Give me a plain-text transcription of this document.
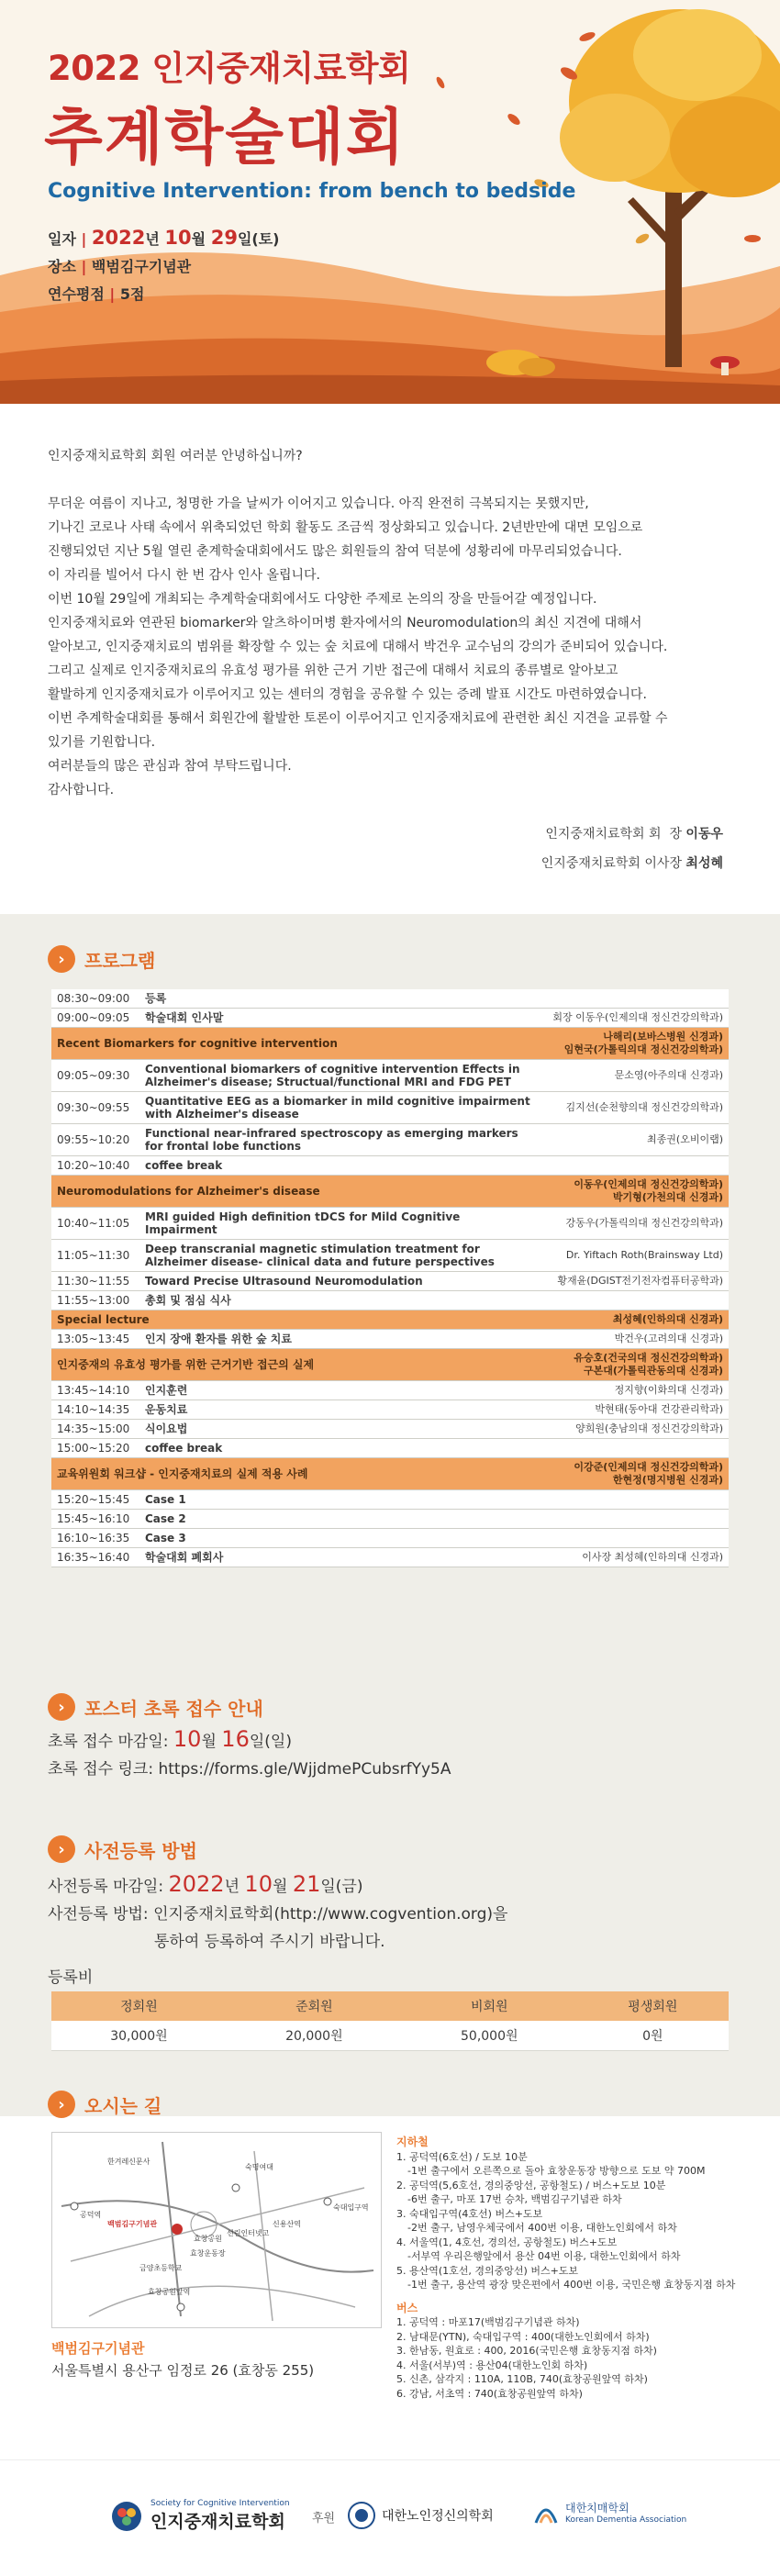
2022 인지중재치료학회
추계학술대회
Cognitive Intervention: from bench to bedside
일자 | 2022년 10월 29일(토)
장소 | 백범김구기념관
연수평점 | 5점

인지중재치료학회 회원 여러분 안녕하십니까?

무더운 여름이 지나고, 청명한 가을 날씨가 이어지고 있습니다. 아직 완전히 극복되지는 못했지만,
기나긴 코로나 사태 속에서 위축되었던 학회 활동도 조금씩 정상화되고 있습니다. 2년반만에 대면 모임으로
진행되었던 지난 5월 열린 춘계학술대회에서도 많은 회원들의 참여 덕분에 성황리에 마무리되었습니다.
이 자리를 빌어서 다시 한 번 감사 인사 올립니다.
이번 10월 29일에 개최되는 추계학술대회에서도 다양한 주제로 논의의 장을 만들어갈 예정입니다.
인지중재치료와 연관된 biomarker와 알츠하이머병 환자에서의 Neuromodulation의 최신 지견에 대해서
알아보고, 인지중재치료의 범위를 확장할 수 있는 숲 치료에 대해서 박건우 교수님의 강의가 준비되어 있습니다.
그리고 실제로 인지중재치료의 유효성 평가를 위한 근거 기반 접근에 대해서 치료의 종류별로 알아보고
활발하게 인지중재치료가 이루어지고 있는 센터의 경험을 공유할 수 있는 증례 발표 시간도 마련하였습니다.
이번 추계학술대회를 통해서 회원간에 활발한 토론이 이루어지고 인지중재치료에 관련한 최신 지견을 교류할 수
있기를 기원합니다.
여러분들의 많은 관심과 참여 부탁드립니다.
감사합니다.

인지중재치료학회 회 장 이동우
인지중재치료학회 이사장 최성혜
›	프로그램
08:30~09:00	등록	
09:00~09:05	학술대회 인사말	회장 이동우(인제의대 정신건강의학과)
Recent Biomarkers for cognitive intervention		나해리(보바스병원 신경과)
임현국(가톨릭의대 정신건강의학과)
09:05~09:30	Conventional biomarkers of cognitive intervention Effects in Alzheimer's disease; Structual/functional MRI and FDG PET	문소영(아주의대 신경과)
09:30~09:55	Quantitative EEG as a biomarker in mild cognitive impairment with Alzheimer's disease	김지선(순천향의대 정신건강의학과)
09:55~10:20	Functional near-infrared spectroscopy as emerging markers for frontal lobe functions	최종권(오비이랩)
10:20~10:40	coffee break	
Neuromodulations for Alzheimer's disease		이동우(인제의대 정신건강의학과)
박기형(가천의대 신경과)
10:40~11:05	MRI guided High definition tDCS for Mild Cognitive Impairment	강동우(가톨릭의대 정신건강의학과)
11:05~11:30	Deep transcranial magnetic stimulation treatment for Alzheimer disease- clinical data and future perspectives	Dr. Yiftach Roth(Brainsway Ltd)
11:30~11:55	Toward Precise Ultrasound Neuromodulation	황재윤(DGIST전기전자컴퓨터공학과)
11:55~13:00	총회 및 점심 식사	
Special lecture		최성혜(인하의대 신경과)
13:05~13:45	인지 장애 환자를 위한 숲 치료	박건우(고려의대 신경과)
인지중재의 유효성 평가를 위한 근거기반 접근의 실제		유승호(건국의대 정신건강의학과)
구본대(가톨릭관동의대 신경과)
13:45~14:10	인지훈련	정지향(이화의대 신경과)
14:10~14:35	운동치료	박현태(동아대 건강관리학과)
14:35~15:00	식이요법	양희원(충남의대 정신건강의학과)
15:00~15:20	coffee break	
교육위원회 워크샵 - 인지중재치료의 실제 적용 사례		이강준(인제의대 정신건강의학과)
한현정(명지병원 신경과)
15:20~15:45	Case 1	
15:45~16:10	Case 2	
16:10~16:35	Case 3	
16:35~16:40	학술대회 폐회사	이사장 최성혜(인하의대 신경과)
›	포스터 초록 접수 안내
초록 접수 마감일: 10월 16일(일)
초록 접수 링크: https://forms.gle/WjjdmePCubsrfYy5A
›	사전등록 방법
사전등록 마감일: 2022년 10월 21일(금)
사전등록 방법: 인지중재치료학회(http://www.cogvention.org)을
통하여 등록하여 주시기 바랍니다.
등록비
정회원	준회원	비회원	평생회원
30,000원	20,000원	50,000원	0원
›	오시는 길
한겨레신문사
숙명여대
공덕역
백범김구기념관
효창공원
선린인터넷고
효창운동장
금양초등학교
신용산역
숙대입구역
효창공원앞역
백범김구기념관
서울특별시 용산구 임정로 26 (효창동 255)
지하철
1. 공덕역(6호선) / 도보 10분
-1번 출구에서 오른쪽으로 돌아 효창운동장 방향으로 도보 약 700M
2. 공덕역(5,6호선, 경의중앙선, 공항철도) / 버스+도보 10분
-6번 출구, 마포 17번 승차, 백범김구기념관 하차
3. 숙대입구역(4호선) 버스+도보
-2번 출구, 남영우체국에서 400번 이용, 대한노인회에서 하차
4. 서울역(1, 4호선, 경의선, 공항철도) 버스+도보
-서부역 우리은행앞에서 용산 04번 이용, 대한노인회에서 하차
5. 용산역(1호선, 경의중앙선) 버스+도보
-1번 출구, 용산역 광장 맞은편에서 400번 이용, 국민은행 효창동지점 하차
버스
1. 공덕역 : 마포17(백범김구기념관 하차)
2. 남대문(YTN), 숙대입구역 : 400(대한노인회에서 하차)
3. 한남동, 원효로 : 400, 2016(국민은행 효창동지점 하차)
4. 서울(서부)역 : 용산04(대한노인회 하차)
5. 신촌, 삼각지 : 110A, 110B, 740(효창공원앞역 하차)
6. 강남, 서초역 : 740(효창공원앞역 하차)
Society for Cognitive Intervention
인지중재치료학회	후원	대한노인정신의학회
대한치매학회
Korean Dementia Association
